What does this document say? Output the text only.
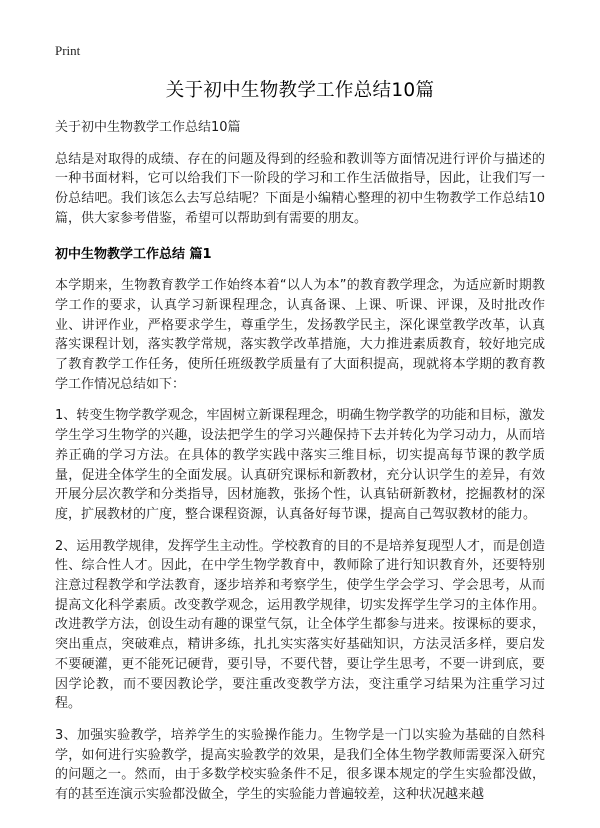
Print
关于初中生物教学工作总结10篇

关于初中生物教学工作总结10篇

总结是对取得的成绩、存在的问题及得到的经验和教训等方面情况进行评价与描述的一种书面材料，它可以给我们下一阶段的学习和工作生活做指导，因此，让我们写一份总结吧。我们该怎么去写总结呢？下面是小编精心整理的初中生物教学工作总结10篇，供大家参考借鉴，希望可以帮助到有需要的朋友。

初中生物教学工作总结 篇1

本学期来，生物教育教学工作始终本着“以人为本”的教育教学理念，为适应新时期教学工作的要求，认真学习新课程理念，认真备课、上课、听课、评课，及时批改作业、讲评作业，严格要求学生，尊重学生，发扬教学民主，深化课堂教学改革，认真落实课程计划，落实教学常规，落实教学改革措施，大力推进素质教育，较好地完成了教育教学工作任务，使所任班级教学质量有了大面积提高，现就将本学期的教育教学工作情况总结如下：

1、转变生物学教学观念，牢固树立新课程理念，明确生物学教学的功能和目标，激发学生学习生物学的兴趣，设法把学生的学习兴趣保持下去并转化为学习动力，从而培养正确的学习方法。在具体的教学实践中落实三维目标，切实提高每节课的教学质量，促进全体学生的全面发展。认真研究课标和新教材，充分认识学生的差异，有效开展分层次教学和分类指导，因材施教，张扬个性，认真钻研新教材，挖掘教材的深度，扩展教材的广度，整合课程资源，认真备好每节课，提高自己驾驭教材的能力。

2、运用教学规律，发挥学生主动性。学校教育的目的不是培养复现型人才，而是创造性、综合性人才。因此，在中学生物学教育中，教师除了进行知识教育外，还要特别注意过程教学和学法教育，逐步培养和考察学生，使学生学会学习、学会思考，从而提高文化科学素质。改变教学观念，运用教学规律，切实发挥学生学习的主体作用。改进教学方法，创设生动有趣的课堂气氛，让全体学生都参与进来。按课标的要求，突出重点，突破难点，精讲多练，扎扎实实落实好基础知识，方法灵活多样，要启发不要硬灌，更不能死记硬背，要引导，不要代替，要让学生思考，不要一讲到底，要因学论教，而不要因教论学，要注重改变教学方法，变注重学习结果为注重学习过程。

3、加强实验教学，培养学生的实验操作能力。生物学是一门以实验为基础的自然科学，如何进行实验教学，提高实验教学的效果，是我们全体生物学教师需要深入研究的问题之一。然而，由于多数学校实验条件不足，很多课本规定的学生实验都没做，有的甚至连演示实验都没做全，学生的实验能力普遍较差，这种状况越来越
